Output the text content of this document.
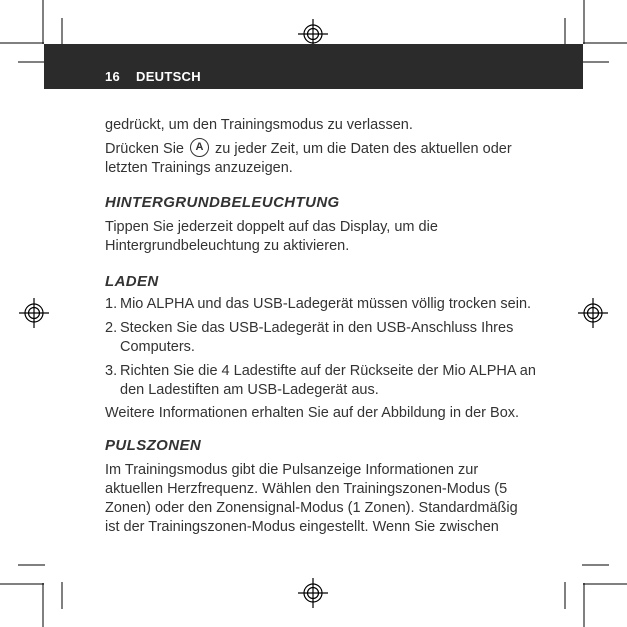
16 DEUTSCH
gedrückt, um den Trainingsmodus zu verlassen.
Drücken Sie A zu jeder Zeit, um die Daten des aktuellen oder
letzten Trainings anzuzeigen.
HINTERGRUNDBELEUCHTUNG
Tippen Sie jederzeit doppelt auf das Display, um die
Hintergrundbeleuchtung zu aktivieren.
LADEN
1. Mio ALPHA und das USB-Ladegerät müssen völlig trocken sein.
2. Stecken Sie das USB-Ladegerät in den USB-Anschluss Ihres
Computers.
3. Richten Sie die 4 Ladestifte auf der Rückseite der Mio ALPHA an
den Ladestiften am USB-Ladegerät aus.
Weitere Informationen erhalten Sie auf der Abbildung in der Box.
PULSZONEN
Im Trainingsmodus gibt die Pulsanzeige Informationen zur
aktuellen Herzfrequenz. Wählen den Trainingszonen-Modus (5
Zonen) oder den Zonensignal-Modus (1 Zonen). Standardmäßig
ist der Trainingszonen-Modus eingestellt. Wenn Sie zwischen
